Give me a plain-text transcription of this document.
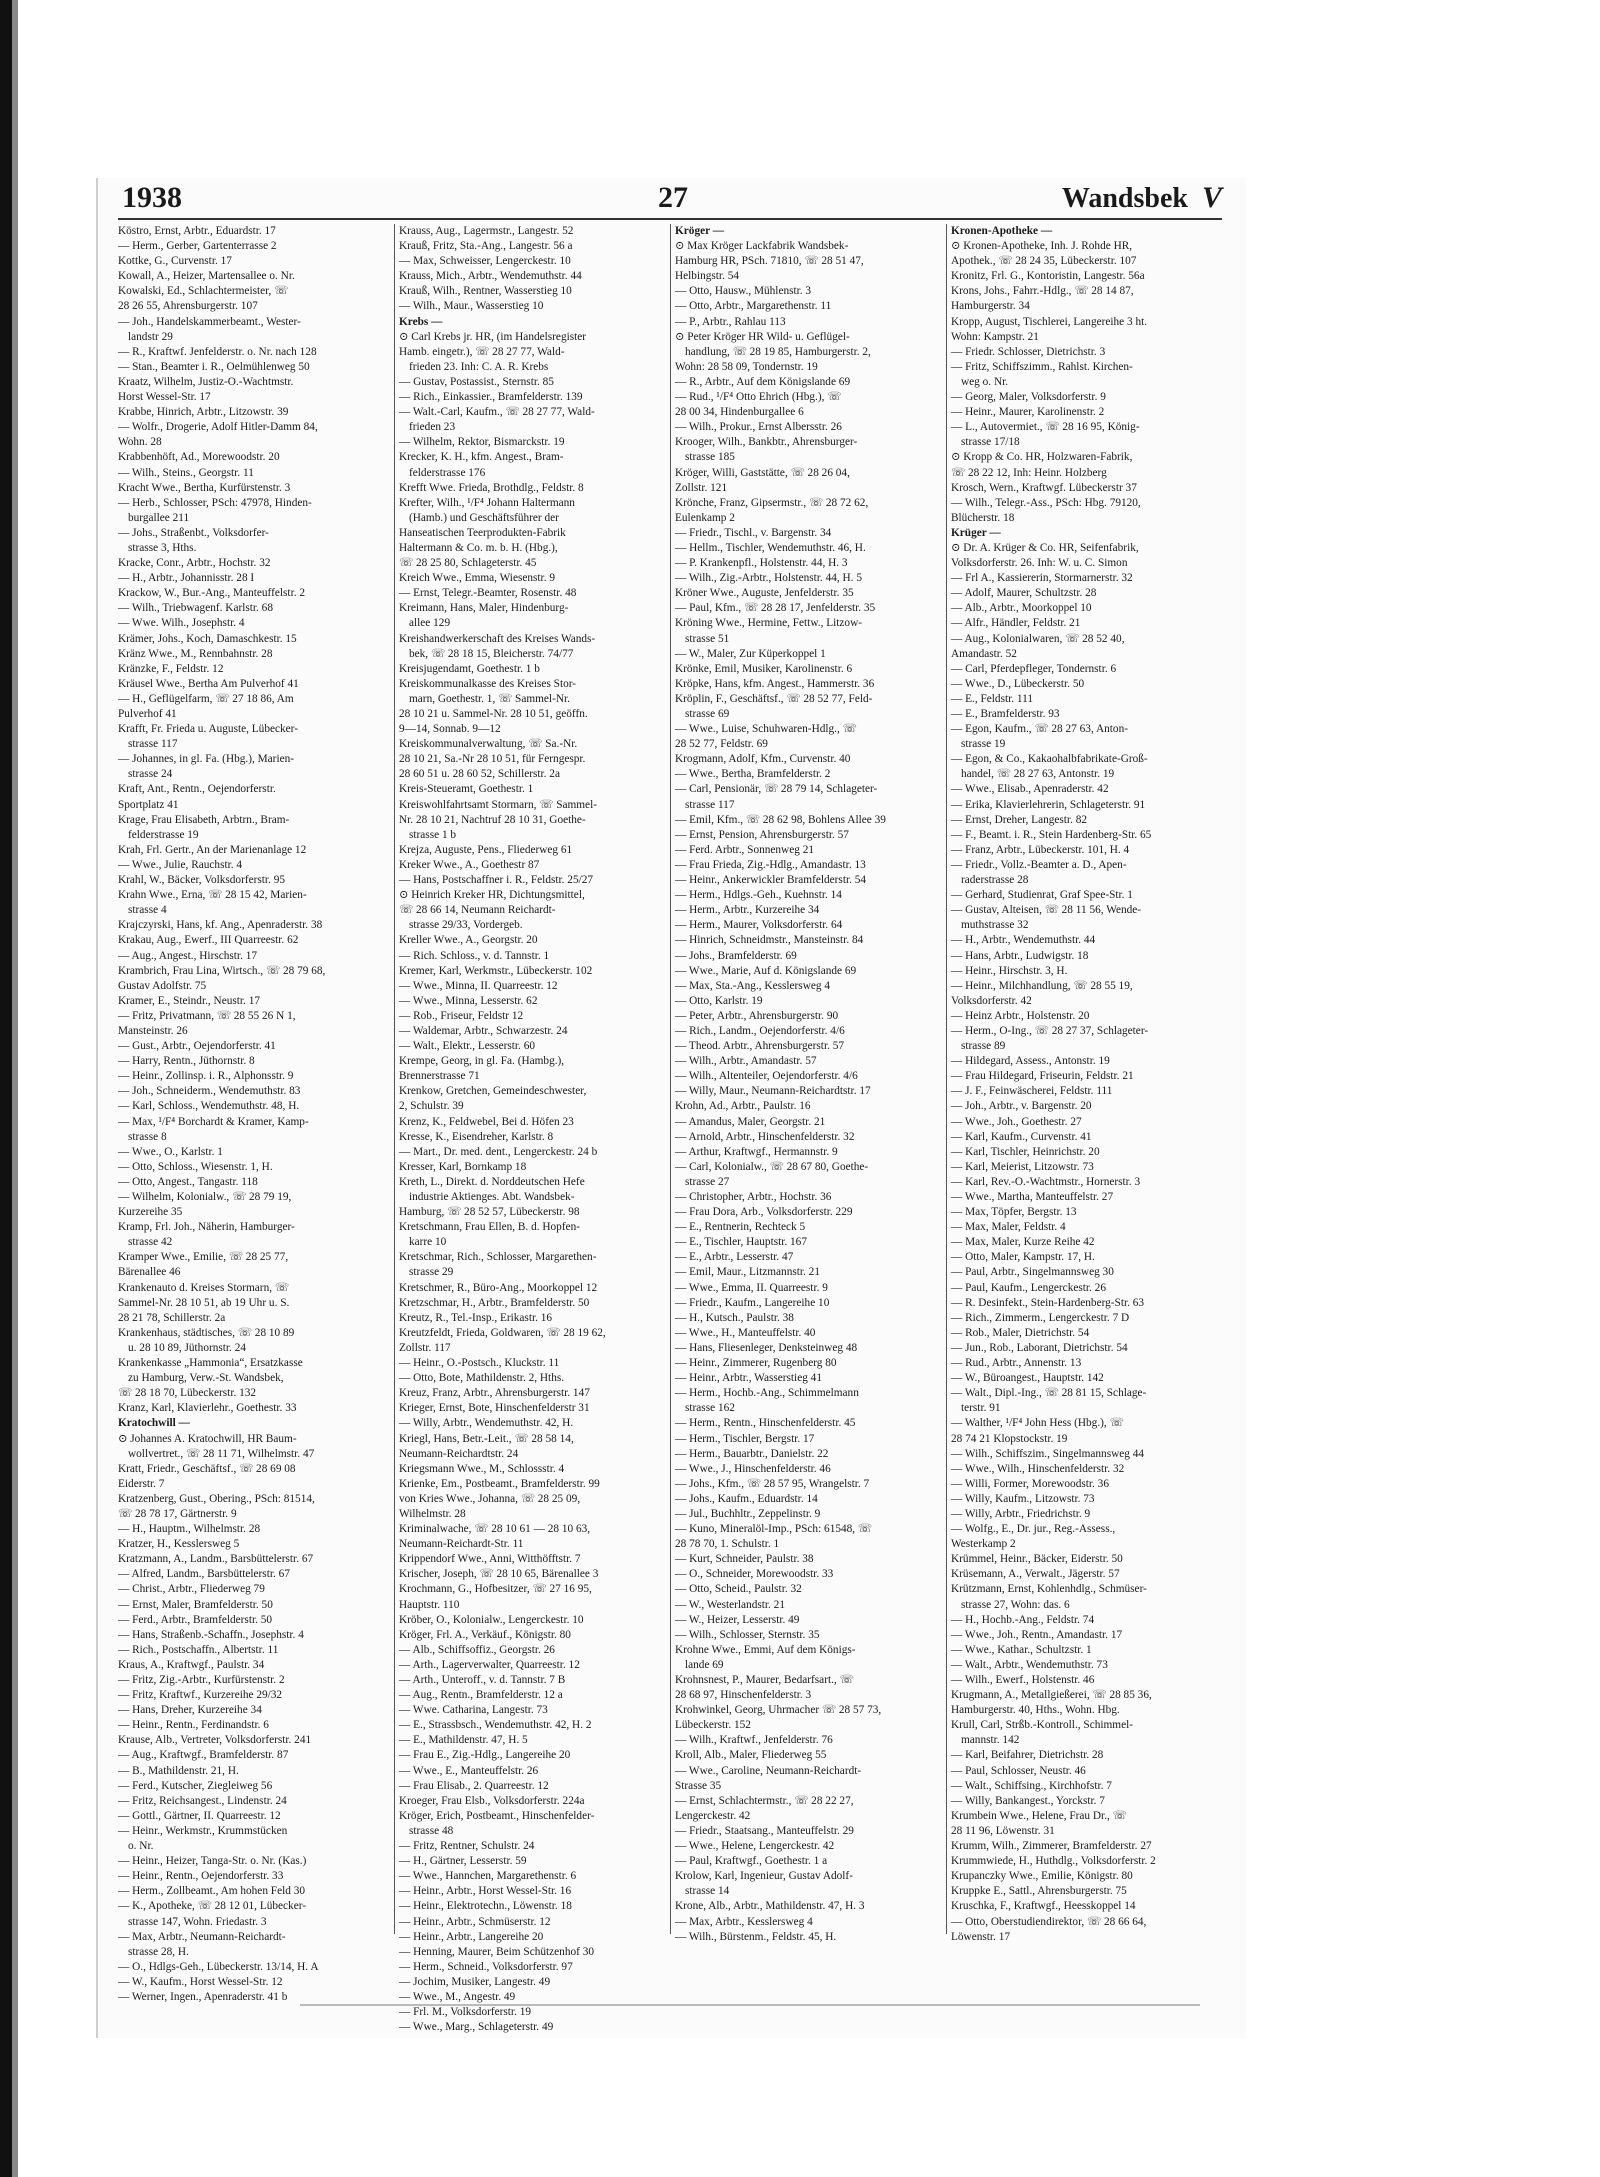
1938	27	Wandsbek V
Köstro, Ernst, Arbtr., Eduardstr. 17
— Herm., Gerber, Gartenterrasse 2
Kottke, G., Curvenstr. 17
Kowall, A., Heizer, Martensallee o. Nr.
Kowalski, Ed., Schlachtermeister, ☏
28 26 55, Ahrensburgerstr. 107
— Joh., Handelskammerbeamt., Wester-
landstr 29
— R., Kraftwf. Jenfelderstr. o. Nr. nach 128
— Stan., Beamter i. R., Oelmühlenweg 50
Kraatz, Wilhelm, Justiz-O.-Wachtmstr.
Horst Wessel-Str. 17
Krabbe, Hinrich, Arbtr., Litzowstr. 39
— Wolfr., Drogerie, Adolf Hitler-Damm 84,
Wohn. 28
Krabbenhöft, Ad., Morewoodstr. 20
— Wilh., Steins., Georgstr. 11
Kracht Wwe., Bertha, Kurfürstenstr. 3
— Herb., Schlosser, PSch: 47978, Hinden-
burgallee 211
— Johs., Straßenbt., Volksdorfer-
strasse 3, Hths.
Kracke, Conr., Arbtr., Hochstr. 32
— H., Arbtr., Johannisstr. 28 I
Krackow, W., Bur.-Ang., Manteuffelstr. 2
— Wilh., Triebwagenf. Karlstr. 68
— Wwe. Wilh., Josephstr. 4
Krämer, Johs., Koch, Damaschkestr. 15
Kränz Wwe., M., Rennbahnstr. 28
Kränzke, F., Feldstr. 12
Kräusel Wwe., Bertha Am Pulverhof 41
— H., Geflügelfarm, ☏ 27 18 86, Am
Pulverhof 41
Krafft, Fr. Frieda u. Auguste, Lübecker-
strasse 117
— Johannes, in gl. Fa. (Hbg.), Marien-
strasse 24
Kraft, Ant., Rentn., Oejendorferstr.
Sportplatz 41
Krage, Frau Elisabeth, Arbtrn., Bram-
felderstrasse 19
Krah, Frl. Gertr., An der Marienanlage 12
— Wwe., Julie, Rauchstr. 4
Krahl, W., Bäcker, Volksdorferstr. 95
Krahn Wwe., Erna, ☏ 28 15 42, Marien-
strasse 4
Krajczyrski, Hans, kf. Ang., Apenraderstr. 38
Krakau, Aug., Ewerf., III Quarreestr. 62
— Aug., Angest., Hirschstr. 17
Krambrich, Frau Lina, Wirtsch., ☏ 28 79 68,
Gustav Adolfstr. 75
Kramer, E., Steindr., Neustr. 17
— Fritz, Privatmann, ☏ 28 55 26 N 1,
Mansteinstr. 26
— Gust., Arbtr., Oejendorferstr. 41
— Harry, Rentn., Jüthornstr. 8
— Heinr., Zollinsp. i. R., Alphonsstr. 9
— Joh., Schneiderm., Wendemuthstr. 83
— Karl, Schloss., Wendemuthstr. 48, H.
— Max, ¹/F⁴ Borchardt & Kramer, Kamp-
strasse 8
— Wwe., O., Karlstr. 1
— Otto, Schloss., Wiesenstr. 1, H.
— Otto, Angest., Tangastr. 118
— Wilhelm, Kolonialw., ☏ 28 79 19,
Kurzereihe 35
Kramp, Frl. Joh., Näherin, Hamburger-
strasse 42
Kramper Wwe., Emilie, ☏ 28 25 77,
Bärenallee 46
Krankenauto d. Kreises Stormarn, ☏
Sammel-Nr. 28 10 51, ab 19 Uhr u. S.
28 21 78, Schillerstr. 2a
Krankenhaus, städtisches, ☏ 28 10 89
u. 28 10 89, Jüthornstr. 24
Krankenkasse „Hammonia“, Ersatzkasse
zu Hamburg, Verw.-St. Wandsbek,
☏ 28 18 70, Lübeckerstr. 132
Kranz, Karl, Klavierlehr., Goethestr. 33
Kratochwill —
⊙ Johannes A. Kratochwill, HR Baum-
wollvertret., ☏ 28 11 71, Wilhelmstr. 47
Kratt, Friedr., Geschäftsf., ☏ 28 69 08
Eiderstr. 7
Kratzenberg, Gust., Obering., PSch: 81514,
☏ 28 78 17, Gärtnerstr. 9
— H., Hauptm., Wilhelmstr. 28
Kratzer, H., Kesslersweg 5
Kratzmann, A., Landm., Barsbüttelerstr. 67
— Alfred, Landm., Barsbüttelerstr. 67
— Christ., Arbtr., Fliederweg 79
— Ernst, Maler, Bramfelderstr. 50
— Ferd., Arbtr., Bramfelderstr. 50
— Hans, Straßenb.-Schaffn., Josephstr. 4
— Rich., Postschaffn., Albertstr. 11
Kraus, A., Kraftwgf., Paulstr. 34
— Fritz, Zig.-Arbtr., Kurfürstenstr. 2
— Fritz, Kraftwf., Kurzereihe 29/32
— Hans, Dreher, Kurzereihe 34
— Heinr., Rentn., Ferdinandstr. 6
Krause, Alb., Vertreter, Volksdorferstr. 241
— Aug., Kraftwgf., Bramfelderstr. 87
— B., Mathildenstr. 21, H.
— Ferd., Kutscher, Ziegleiweg 56
— Fritz, Reichsangest., Lindenstr. 24
— Gottl., Gärtner, II. Quarreestr. 12
— Heinr., Werkmstr., Krummstücken
o. Nr.
— Heinr., Heizer, Tanga-Str. o. Nr. (Kas.)
— Heinr., Rentn., Oejendorferstr. 33
— Herm., Zollbeamt., Am hohen Feld 30
— K., Apotheke, ☏ 28 12 01, Lübecker-
strasse 147, Wohn. Friedastr. 3
— Max, Arbtr., Neumann-Reichardt-
strasse 28, H.
— O., Hdlgs-Geh., Lübeckerstr. 13/14, H. A
— W., Kaufm., Horst Wessel-Str. 12
— Werner, Ingen., Apenraderstr. 41 b
Krauss, Aug., Lagermstr., Langestr. 52
Krauß, Fritz, Sta.-Ang., Langestr. 56 a
— Max, Schweisser, Lengerckestr. 10
Krauss, Mich., Arbtr., Wendemuthstr. 44
Krauß, Wilh., Rentner, Wasserstieg 10
— Wilh., Maur., Wasserstieg 10
Krebs —
⊙ Carl Krebs jr. HR, (im Handelsregister
Hamb. eingetr.), ☏ 28 27 77, Wald-
frieden 23. Inh: C. A. R. Krebs
— Gustav, Postassist., Sternstr. 85
— Rich., Einkassier., Bramfelderstr. 139
— Walt.-Carl, Kaufm., ☏ 28 27 77, Wald-
frieden 23
— Wilhelm, Rektor, Bismarckstr. 19
Krecker, K. H., kfm. Angest., Bram-
felderstrasse 176
Krefft Wwe. Frieda, Brothdlg., Feldstr. 8
Krefter, Wilh., ¹/F⁴ Johann Haltermann
(Hamb.) und Geschäftsführer der
Hanseatischen Teerprodukten-Fabrik
Haltermann & Co. m. b. H. (Hbg.),
☏ 28 25 80, Schlageterstr. 45
Kreich Wwe., Emma, Wiesenstr. 9
— Ernst, Telegr.-Beamter, Rosenstr. 48
Kreimann, Hans, Maler, Hindenburg-
allee 129
Kreishandwerkerschaft des Kreises Wands-
bek, ☏ 28 18 15, Bleicherstr. 74/77
Kreisjugendamt, Goethestr. 1 b
Kreiskommunalkasse des Kreises Stor-
marn, Goethestr. 1, ☏ Sammel-Nr.
28 10 21 u. Sammel-Nr. 28 10 51, geöffn.
9—14, Sonnab. 9—12
Kreiskommunalverwaltung, ☏ Sa.-Nr.
28 10 21, Sa.-Nr 28 10 51, für Ferngespr.
28 60 51 u. 28 60 52, Schillerstr. 2a
Kreis-Steueramt, Goethestr. 1
Kreiswohlfahrtsamt Stormarn, ☏ Sammel-
Nr. 28 10 21, Nachtruf 28 10 31, Goethe-
strasse 1 b
Krejza, Auguste, Pens., Fliederweg 61
Kreker Wwe., A., Goethestr 87
— Hans, Postschaffner i. R., Feldstr. 25/27
⊙ Heinrich Kreker HR, Dichtungsmittel,
☏ 28 66 14, Neumann Reichardt-
strasse 29/33, Vordergeb.
Kreller Wwe., A., Georgstr. 20
— Rich. Schloss., v. d. Tannstr. 1
Kremer, Karl, Werkmstr., Lübeckerstr. 102
— Wwe., Minna, II. Quarreestr. 12
— Wwe., Minna, Lesserstr. 62
— Rob., Friseur, Feldstr 12
— Waldemar, Arbtr., Schwarzestr. 24
— Walt., Elektr., Lesserstr. 60
Krempe, Georg, in gl. Fa. (Hambg.),
Brennerstrasse 71
Krenkow, Gretchen, Gemeindeschwester,
2, Schulstr. 39
Krenz, K., Feldwebel, Bei d. Höfen 23
Kresse, K., Eisendreher, Karlstr. 8
— Mart., Dr. med. dent., Lengerckestr. 24 b
Kresser, Karl, Bornkamp 18
Kreth, L., Direkt. d. Norddeutschen Hefe
industrie Aktienges. Abt. Wandsbek-
Hamburg, ☏ 28 52 57, Lübeckerstr. 98
Kretschmann, Frau Ellen, B. d. Hopfen-
karre 10
Kretschmar, Rich., Schlosser, Margarethen-
strasse 29
Kretschmer, R., Büro-Ang., Moorkoppel 12
Kretzschmar, H., Arbtr., Bramfelderstr. 50
Kreutz, R., Tel.-Insp., Erikastr. 16
Kreutzfeldt, Frieda, Goldwaren, ☏ 28 19 62,
Zollstr. 117
— Heinr., O.-Postsch., Kluckstr. 11
— Otto, Bote, Mathildenstr. 2, Hths.
Kreuz, Franz, Arbtr., Ahrensburgerstr. 147
Krieger, Ernst, Bote, Hinschenfelderstr 31
— Willy, Arbtr., Wendemuthstr. 42, H.
Kriegl, Hans, Betr.-Leit., ☏ 28 58 14,
Neumann-Reichardtstr. 24
Kriegsmann Wwe., M., Schlossstr. 4
Krienke, Em., Postbeamt., Bramfelderstr. 99
von Kries Wwe., Johanna, ☏ 28 25 09,
Wilhelmstr. 28
Kriminalwache, ☏ 28 10 61 — 28 10 63,
Neumann-Reichardt-Str. 11
Krippendorf Wwe., Anni, Witthöfftstr. 7
Krischer, Joseph, ☏ 28 10 65, Bärenallee 3
Krochmann, G., Hofbesitzer, ☏ 27 16 95,
Hauptstr. 110
Kröber, O., Kolonialw., Lengerckestr. 10
Kröger, Frl. A., Verkäuf., Königstr. 80
— Alb., Schiffsoffiz., Georgstr. 26
— Arth., Lagerverwalter, Quarreestr. 12
— Arth., Unteroff., v. d. Tannstr. 7 B
— Aug., Rentn., Bramfelderstr. 12 a
— Wwe. Catharina, Langestr. 73
— E., Strassbsch., Wendemuthstr. 42, H. 2
— E., Mathildenstr. 47, H. 5
— Frau E., Zig.-Hdlg., Langereihe 20
— Wwe., E., Manteuffelstr. 26
— Frau Elisab., 2. Quarreestr. 12
Kroeger, Frau Elsb., Volksdorferstr. 224a
Kröger, Erich, Postbeamt., Hinschenfelder-
strasse 48
— Fritz, Rentner, Schulstr. 24
— H., Gärtner, Lesserstr. 59
— Wwe., Hannchen, Margarethenstr. 6
— Heinr., Arbtr., Horst Wessel-Str. 16
— Heinr., Elektrotechn., Löwenstr. 18
— Heinr., Arbtr., Schmüserstr. 12
— Heinr., Arbtr., Langereihe 20
— Henning, Maurer, Beim Schützenhof 30
— Herm., Schneid., Volksdorferstr. 97
— Jochim, Musiker, Langestr. 49
— Wwe., M., Angestr. 49
— Frl. M., Volksdorferstr. 19
— Wwe., Marg., Schlageterstr. 49
Kröger —
⊙ Max Kröger Lackfabrik Wandsbek-
Hamburg HR, PSch. 71810, ☏ 28 51 47,
Helbingstr. 54
— Otto, Hausw., Mühlenstr. 3
— Otto, Arbtr., Margarethenstr. 11
— P., Arbtr., Rahlau 113
⊙ Peter Kröger HR Wild- u. Geflügel-
handlung, ☏ 28 19 85, Hamburgerstr. 2,
Wohn: 28 58 09, Tondernstr. 19
— R., Arbtr., Auf dem Königslande 69
— Rud., ¹/F⁴ Otto Ehrich (Hbg.), ☏
28 00 34, Hindenburgallee 6
— Wilh., Prokur., Ernst Albersstr. 26
Krooger, Wilh., Bankbtr., Ahrensburger-
strasse 185
Kröger, Willi, Gaststätte, ☏ 28 26 04,
Zollstr. 121
Krönche, Franz, Gipsermstr., ☏ 28 72 62,
Eulenkamp 2
— Friedr., Tischl., v. Bargenstr. 34
— Hellm., Tischler, Wendemuthstr. 46, H.
— P. Krankenpfl., Holstenstr. 44, H. 3
— Wilh., Zig.-Arbtr., Holstenstr. 44, H. 5
Kröner Wwe., Auguste, Jenfelderstr. 35
— Paul, Kfm., ☏ 28 28 17, Jenfelderstr. 35
Kröning Wwe., Hermine, Fettw., Litzow-
strasse 51
— W., Maler, Zur Küperkoppel 1
Krönke, Emil, Musiker, Karolinenstr. 6
Kröpke, Hans, kfm. Angest., Hammerstr. 36
Kröplin, F., Geschäftsf., ☏ 28 52 77, Feld-
strasse 69
— Wwe., Luise, Schuhwaren-Hdlg., ☏
28 52 77, Feldstr. 69
Krogmann, Adolf, Kfm., Curvenstr. 40
— Wwe., Bertha, Bramfelderstr. 2
— Carl, Pensionär, ☏ 28 79 14, Schlageter-
strasse 117
— Emil, Kfm., ☏ 28 62 98, Bohlens Allee 39
— Ernst, Pension, Ahrensburgerstr. 57
— Ferd. Arbtr., Sonnenweg 21
— Frau Frieda, Zig.-Hdlg., Amandastr. 13
— Heinr., Ankerwickler Bramfelderstr. 54
— Herm., Hdlgs.-Geh., Kuehnstr. 14
— Herm., Arbtr., Kurzereihe 34
— Herm., Maurer, Volksdorferstr. 64
— Hinrich, Schneidmstr., Mansteinstr. 84
— Johs., Bramfelderstr. 69
— Wwe., Marie, Auf d. Königslande 69
— Max, Sta.-Ang., Kesslersweg 4
— Otto, Karlstr. 19
— Peter, Arbtr., Ahrensburgerstr. 90
— Rich., Landm., Oejendorferstr. 4/6
— Theod. Arbtr., Ahrensburgerstr. 57
— Wilh., Arbtr., Amandastr. 57
— Wilh., Altenteiler, Oejendorferstr. 4/6
— Willy, Maur., Neumann-Reichardtstr. 17
Krohn, Ad., Arbtr., Paulstr. 16
— Amandus, Maler, Georgstr. 21
— Arnold, Arbtr., Hinschenfelderstr. 32
— Arthur, Kraftwgf., Hermannstr. 9
— Carl, Kolonialw., ☏ 28 67 80, Goethe-
strasse 27
— Christopher, Arbtr., Hochstr. 36
— Frau Dora, Arb., Volksdorferstr. 229
— E., Rentnerin, Rechteck 5
— E., Tischler, Hauptstr. 167
— E., Arbtr., Lesserstr. 47
— Emil, Maur., Litzmannstr. 21
— Wwe., Emma, II. Quarreestr. 9
— Friedr., Kaufm., Langereihe 10
— H., Kutsch., Paulstr. 38
— Wwe., H., Manteuffelstr. 40
— Hans, Fliesenleger, Denksteinweg 48
— Heinr., Zimmerer, Rugenberg 80
— Heinr., Arbtr., Wasserstieg 41
— Herm., Hochb.-Ang., Schimmelmann
strasse 162
— Herm., Rentn., Hinschenfelderstr. 45
— Herm., Tischler, Bergstr. 17
— Herm., Bauarbtr., Danielstr. 22
— Wwe., J., Hinschenfelderstr. 46
— Johs., Kfm., ☏ 28 57 95, Wrangelstr. 7
— Johs., Kaufm., Eduardstr. 14
— Jul., Buchhltr., Zeppelinstr. 9
— Kuno, Mineralöl-Imp., PSch: 61548, ☏
28 78 70, 1. Schulstr. 1
— Kurt, Schneider, Paulstr. 38
— O., Schneider, Morewoodstr. 33
— Otto, Scheid., Paulstr. 32
— W., Westerlandstr. 21
— W., Heizer, Lesserstr. 49
— Wilh., Schlosser, Sternstr. 35
Krohne Wwe., Emmi, Auf dem Königs-
lande 69
Krohnsnest, P., Maurer, Bedarfsart., ☏
28 68 97, Hinschenfelderstr. 3
Krohwinkel, Georg, Uhrmacher ☏ 28 57 73,
Lübeckerstr. 152
— Wilh., Kraftwf., Jenfelderstr. 76
Kroll, Alb., Maler, Fliederweg 55
— Wwe., Caroline, Neumann-Reichardt-
Strasse 35
— Ernst, Schlachtermstr., ☏ 28 22 27,
Lengerckestr. 42
— Friedr., Staatsang., Manteuffelstr. 29
— Wwe., Helene, Lengerckestr. 42
— Paul, Kraftwgf., Goethestr. 1 a
Krolow, Karl, Ingenieur, Gustav Adolf-
strasse 14
Krone, Alb., Arbtr., Mathildenstr. 47, H. 3
— Max, Arbtr., Kesslersweg 4
— Wilh., Bürstenm., Feldstr. 45, H.
Kronen-Apotheke —
⊙ Kronen-Apotheke, Inh. J. Rohde HR,
Apothek., ☏ 28 24 35, Lübeckerstr. 107
Kronitz, Frl. G., Kontoristin, Langestr. 56a
Krons, Johs., Fahrr.-Hdlg., ☏ 28 14 87,
Hamburgerstr. 34
Kropp, August, Tischlerei, Langereihe 3 ht.
Wohn: Kampstr. 21
— Friedr. Schlosser, Dietrichstr. 3
— Fritz, Schiffszimm., Rahlst. Kirchen-
weg o. Nr.
— Georg, Maler, Volksdorferstr. 9
— Heinr., Maurer, Karolinenstr. 2
— L., Autovermiet., ☏ 28 16 95, König-
strasse 17/18
⊙ Kropp & Co. HR, Holzwaren-Fabrik,
☏ 28 22 12, Inh: Heinr. Holzberg
Krosch, Wern., Kraftwgf. Lübeckerstr 37
— Wilh., Telegr.-Ass., PSch: Hbg. 79120,
Blücherstr. 18
Krüger —
⊙ Dr. A. Krüger & Co. HR, Seifenfabrik,
Volksdorferstr. 26. Inh: W. u. C. Simon
— Frl A., Kassiererin, Stormarnerstr. 32
— Adolf, Maurer, Schultzstr. 28
— Alb., Arbtr., Moorkoppel 10
— Alfr., Händler, Feldstr. 21
— Aug., Kolonialwaren, ☏ 28 52 40,
Amandastr. 52
— Carl, Pferdepfleger, Tondernstr. 6
— Wwe., D., Lübeckerstr. 50
— E., Feldstr. 111
— E., Bramfelderstr. 93
— Egon, Kaufm., ☏ 28 27 63, Anton-
strasse 19
— Egon, & Co., Kakaohalbfabrikate-Groß-
handel, ☏ 28 27 63, Antonstr. 19
— Wwe., Elisab., Apenraderstr. 42
— Erika, Klavierlehrerin, Schlageterstr. 91
— Ernst, Dreher, Langestr. 82
— F., Beamt. i. R., Stein Hardenberg-Str. 65
— Franz, Arbtr., Lübeckerstr. 101, H. 4
— Friedr., Vollz.-Beamter a. D., Apen-
raderstrasse 28
— Gerhard, Studienrat, Graf Spee-Str. 1
— Gustav, Alteisen, ☏ 28 11 56, Wende-
muthstrasse 32
— H., Arbtr., Wendemuthstr. 44
— Hans, Arbtr., Ludwigstr. 18
— Heinr., Hirschstr. 3, H.
— Heinr., Milchhandlung, ☏ 28 55 19,
Volksdorferstr. 42
— Heinz Arbtr., Holstenstr. 20
— Herm., O-Ing., ☏ 28 27 37, Schlageter-
strasse 89
— Hildegard, Assess., Antonstr. 19
— Frau Hildegard, Friseurin, Feldstr. 21
— J. F., Feinwäscherei, Feldstr. 111
— Joh., Arbtr., v. Bargenstr. 20
— Wwe., Joh., Goethestr. 27
— Karl, Kaufm., Curvenstr. 41
— Karl, Tischler, Heinrichstr. 20
— Karl, Meierist, Litzowstr. 73
— Karl, Rev.-O.-Wachtmstr., Hornerstr. 3
— Wwe., Martha, Manteuffelstr. 27
— Max, Töpfer, Bergstr. 13
— Max, Maler, Feldstr. 4
— Max, Maler, Kurze Reihe 42
— Otto, Maler, Kampstr. 17, H.
— Paul, Arbtr., Singelmannsweg 30
— Paul, Kaufm., Lengerckestr. 26
— R. Desinfekt., Stein-Hardenberg-Str. 63
— Rich., Zimmerm., Lengerckestr. 7 D
— Rob., Maler, Dietrichstr. 54
— Jun., Rob., Laborant, Dietrichstr. 54
— Rud., Arbtr., Annenstr. 13
— W., Büroangest., Hauptstr. 142
— Walt., Dipl.-Ing., ☏ 28 81 15, Schlage-
terstr. 91
— Walther, ¹/F⁴ John Hess (Hbg.), ☏
28 74 21 Klopstockstr. 19
— Wilh., Schiffszim., Singelmannsweg 44
— Wwe., Wilh., Hinschenfelderstr. 32
— Willi, Former, Morewoodstr. 36
— Willy, Kaufm., Litzowstr. 73
— Willy, Arbtr., Friedrichstr. 9
— Wolfg., E., Dr. jur., Reg.-Assess.,
Westerkamp 2
Krümmel, Heinr., Bäcker, Eiderstr. 50
Krüsemann, A., Verwalt., Jägerstr. 57
Krützmann, Ernst, Kohlenhdlg., Schmüser-
strasse 27, Wohn: das. 6
— H., Hochb.-Ang., Feldstr. 74
— Wwe., Joh., Rentn., Amandastr. 17
— Wwe., Kathar., Schultzstr. 1
— Walt., Arbtr., Wendemuthstr. 73
— Wilh., Ewerf., Holstenstr. 46
Krugmann, A., Metallgießerei, ☏ 28 85 36,
Hamburgerstr. 40, Hths., Wohn. Hbg.
Krull, Carl, Strßb.-Kontroll., Schimmel-
mannstr. 142
— Karl, Beifahrer, Dietrichstr. 28
— Paul, Schlosser, Neustr. 46
— Walt., Schiffsing., Kirchhofstr. 7
— Willy, Bankangest., Yorckstr. 7
Krumbein Wwe., Helene, Frau Dr., ☏
28 11 96, Löwenstr. 31
Krumm, Wilh., Zimmerer, Bramfelderstr. 27
Krummwiede, H., Huthdlg., Volksdorferstr. 2
Krupanczky Wwe., Emilie, Königstr. 80
Kruppke E., Sattl., Ahrensburgerstr. 75
Kruschka, F., Kraftwgf., Heesskoppel 14
— Otto, Oberstudiendirektor, ☏ 28 66 64,
Löwenstr. 17
